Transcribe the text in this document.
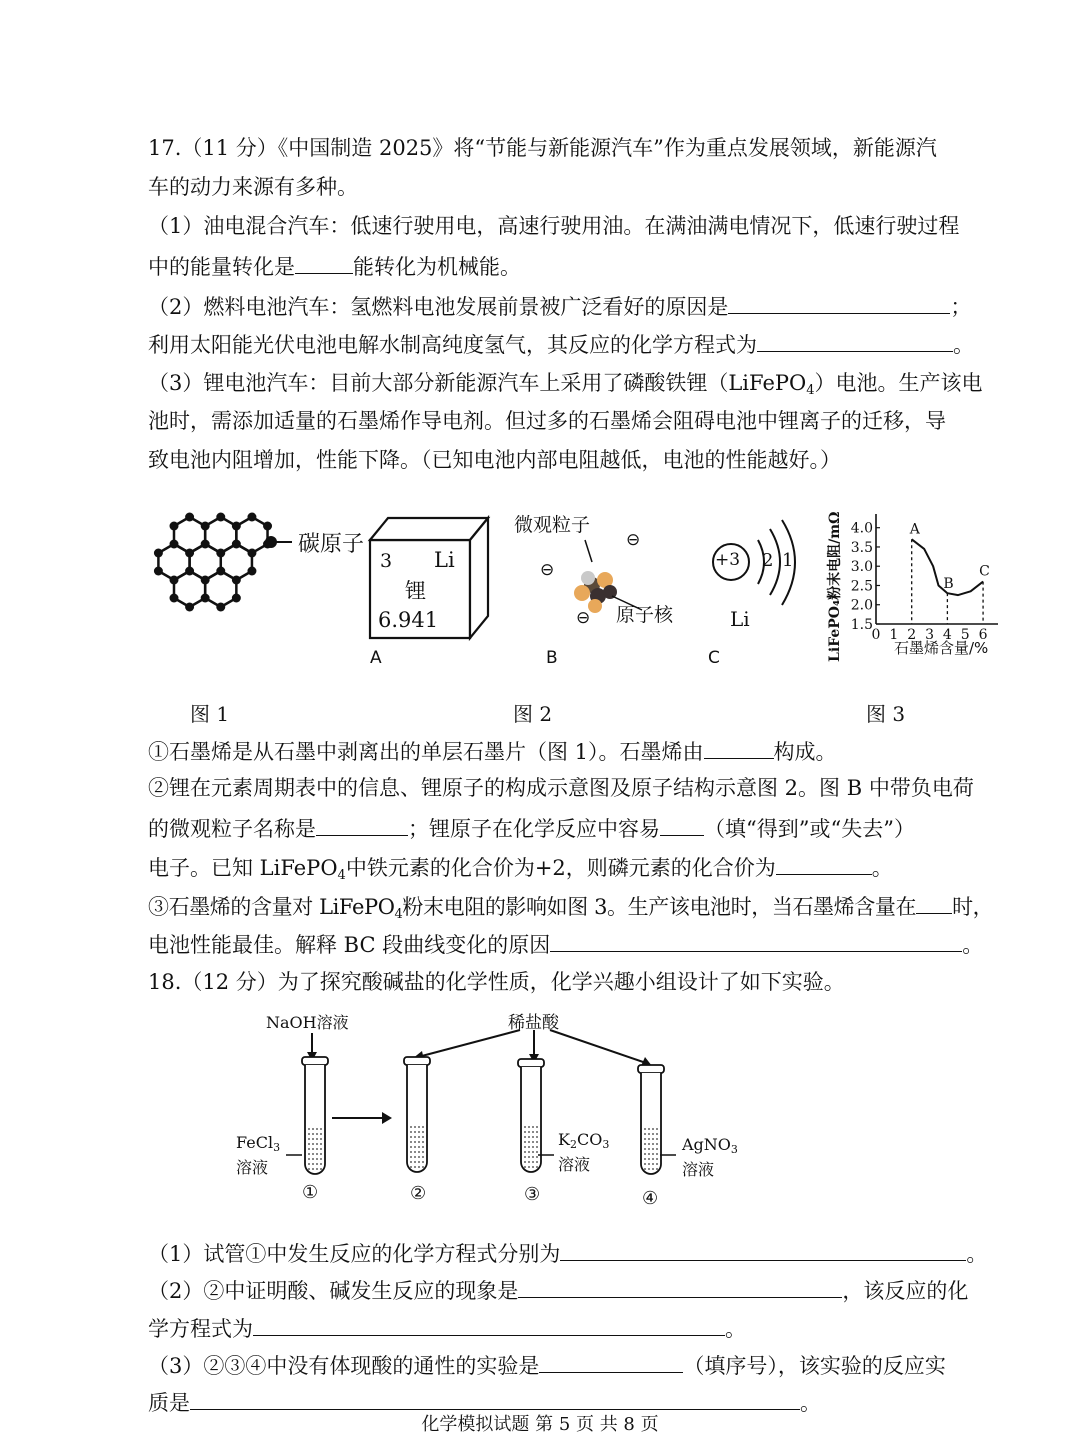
17.（11 分）《中国制造 2025》将“节能与新能源汽车”作为重点发展领域，新能源汽
车的动力来源有多种。
（1）油电混合汽车：低速行驶用电，高速行驶用油。在满油满电情况下，低速行驶过程
中的能量转化是	能转化为机械能。
（2）燃料电池汽车：氢燃料电池发展前景被广泛看好的原因是	；
利用太阳能光伏电池电解水制高纯度氢气，其反应的化学方程式为	。
（3）锂电池汽车：目前大部分新能源汽车上采用了磷酸铁锂（LiFePO$_4$）电池。生产该电
池时，需添加适量的石墨烯作导电剂。但过多的石墨烯会阻碍电池中锂离子的迁移，导
致电池内阻增加，性能下降。（已知电池内部电阻越低，电池的性能越好。）
碳原子
3 Li
锂
6.941
A
微观粒子
⊖
⊖
⊖ 原子核
B
+3 2 1
Li
C	LiFePO₄粉末电阻/mΩ	石墨烯含量/%
1.5
2.0
2.5
3.0
3.5
4.0
0 1 2 3 4 5 6
A
B
C
图 1	图 2	图 3
①石墨烯是从石墨中剥离出的单层石墨片（图 1）。石墨烯由	构成。
②锂在元素周期表中的信息、锂原子的构成示意图及原子结构示意图 2。图 B 中带负电荷
的微观粒子名称是	；锂原子在化学反应中容易 （填“得到”或“失去”）
电子。已知 LiFePO$_4$中铁元素的化合价为+2，则磷元素的化合价为	。
③石墨烯的含量对 LiFePO$_4$粉末电阻的影响如图 3。生产该电池时，当石墨烯含量在 时，
电池性能最佳。解释 BC 段曲线变化的原因	。
18.（12 分）为了探究酸碱盐的化学性质，化学兴趣小组设计了如下实验。
NaOH溶液	稀盐酸
FeCl3
溶液
K2CO3
溶液
AgNO3
溶液
①	②	③	④
（1）试管①中发生反应的化学方程式分别为	。
（2）②中证明酸、碱发生反应的现象是	，该反应的化
学方程式为	。
（3）②③④中没有体现酸的通性的实验是	（填序号），该实验的反应实
质是	。
化学模拟试题 第 5 页 共 8 页
